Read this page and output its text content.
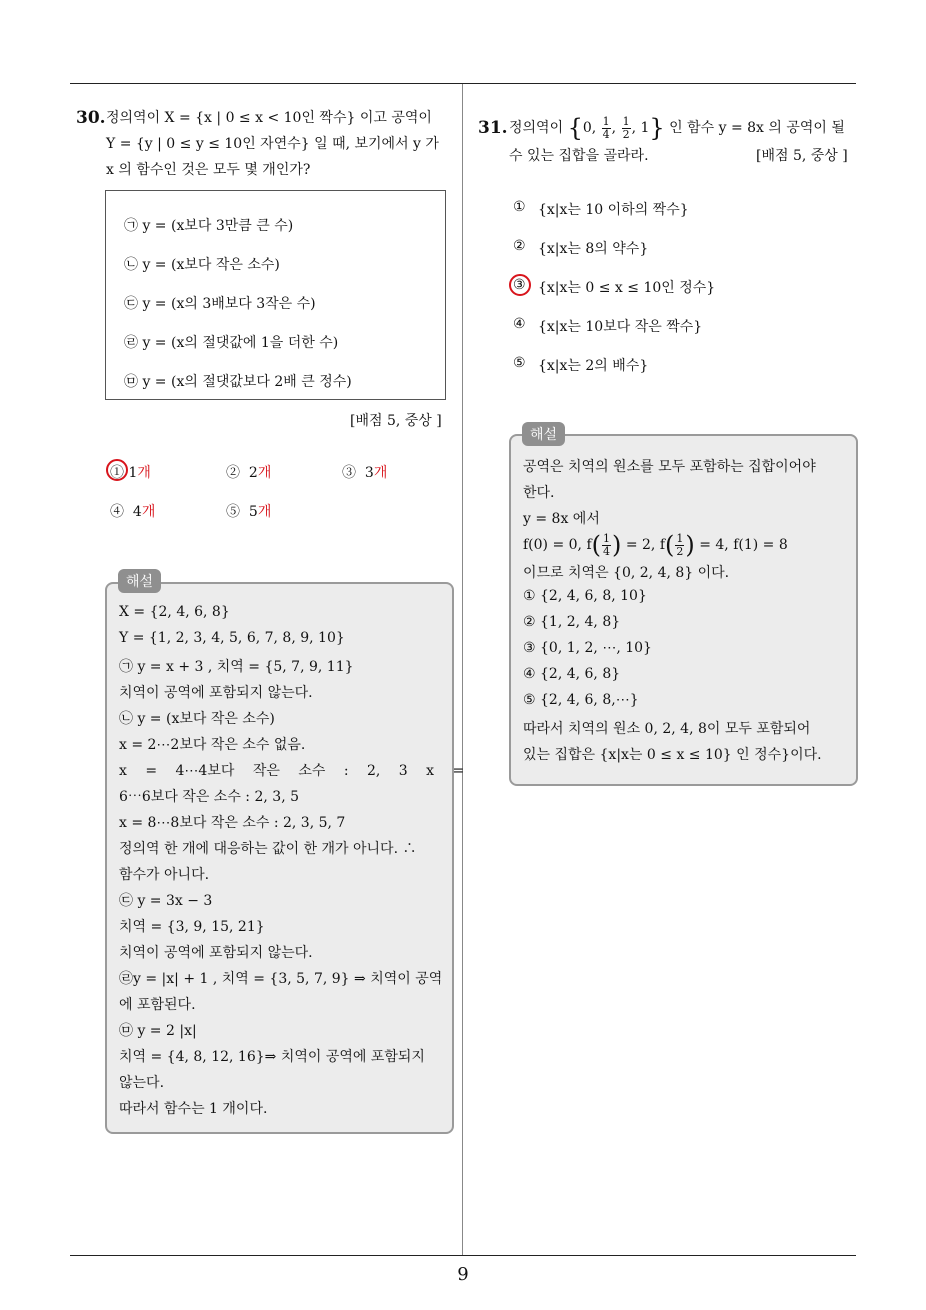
30. 정의역이 X = {x | 0 ≤ x < 10인 짝수} 이고 공역이
Y = {y | 0 ≤ y ≤ 10인 자연수} 일 때, 보기에서 y 가
x 의 함수인 것은 모두 몇 개인가?
㉠ y = (x보다 3만큼 큰 수)
㉡ y = (x보다 작은 소수)
㉢ y = (x의 3배보다 3작은 수)
㉣ y = (x의 절댓값에 1을 더한 수)
㉤ y = (x의 절댓값보다 2배 큰 정수)
[배점 5, 중상 ]
① 1개	② 2개	③ 3개
④ 4개	⑤ 5개
X = {2, 4, 6, 8}
Y = {1, 2, 3, 4, 5, 6, 7, 8, 9, 10}
㉠ y = x + 3 , 치역 = {5, 7, 9, 11}
치역이 공역에 포함되지 않는다.
㉡ y = (x보다 작은 소수)
x = 2⋯2보다 작은 소수 없음.
x = 4⋯4보다 작은 소수 : 2, 3 x =
6⋯6보다 작은 소수 : 2, 3, 5
x = 8⋯8보다 작은 소수 : 2, 3, 5, 7
정의역 한 개에 대응하는 값이 한 개가 아니다. ∴
함수가 아니다.
㉢ y = 3x − 3
치역 = {3, 9, 15, 21}
치역이 공역에 포함되지 않는다.
㉣y = |x| + 1 , 치역 = {3, 5, 7, 9} ⇒ 치역이 공역
에 포함된다.
㉤ y = 2 |x|
치역 = {4, 8, 12, 16}⇒ 치역이 공역에 포함되지
않는다.
따라서 함수는 1 개이다.
해설
31. 정의역이 {0, $\frac{1}{4}$ , $\frac{1}{2}$ , 1} 인 함수 y = 8x 의 공역이 될
수 있는 집합을 골라라.	[배점 5, 중상 ]
{x|x는 10 이하의 짝수}
①
{x|x는 8의 약수}
②
{x|x는 0 ≤ x ≤ 10인 정수}
③
{x|x는 10보다 작은 짝수}
④
{x|x는 2의 배수}
⑤
공역은 치역의 원소를 모두 포함하는 집합이어야
한다.
y = 8x 에서
f(0) = 0, $f( \frac{1}{4}$ ) = 2, $f( \frac{1}{2}$ ) = 4, f(1) = 8
이므로 치역은 {0, 2, 4, 8} 이다.
① {2, 4, 6, 8, 10}
② {1, 2, 4, 8}
③ {0, 1, 2, ⋯, 10}
④ {2, 4, 6, 8}
⑤ {2, 4, 6, 8,⋯}
따라서 치역의 원소 0, 2, 4, 8이 모두 포함되어
있는 집합은 {x|x는 0 ≤ x ≤ 10} 인 정수}이다.
해설
9
